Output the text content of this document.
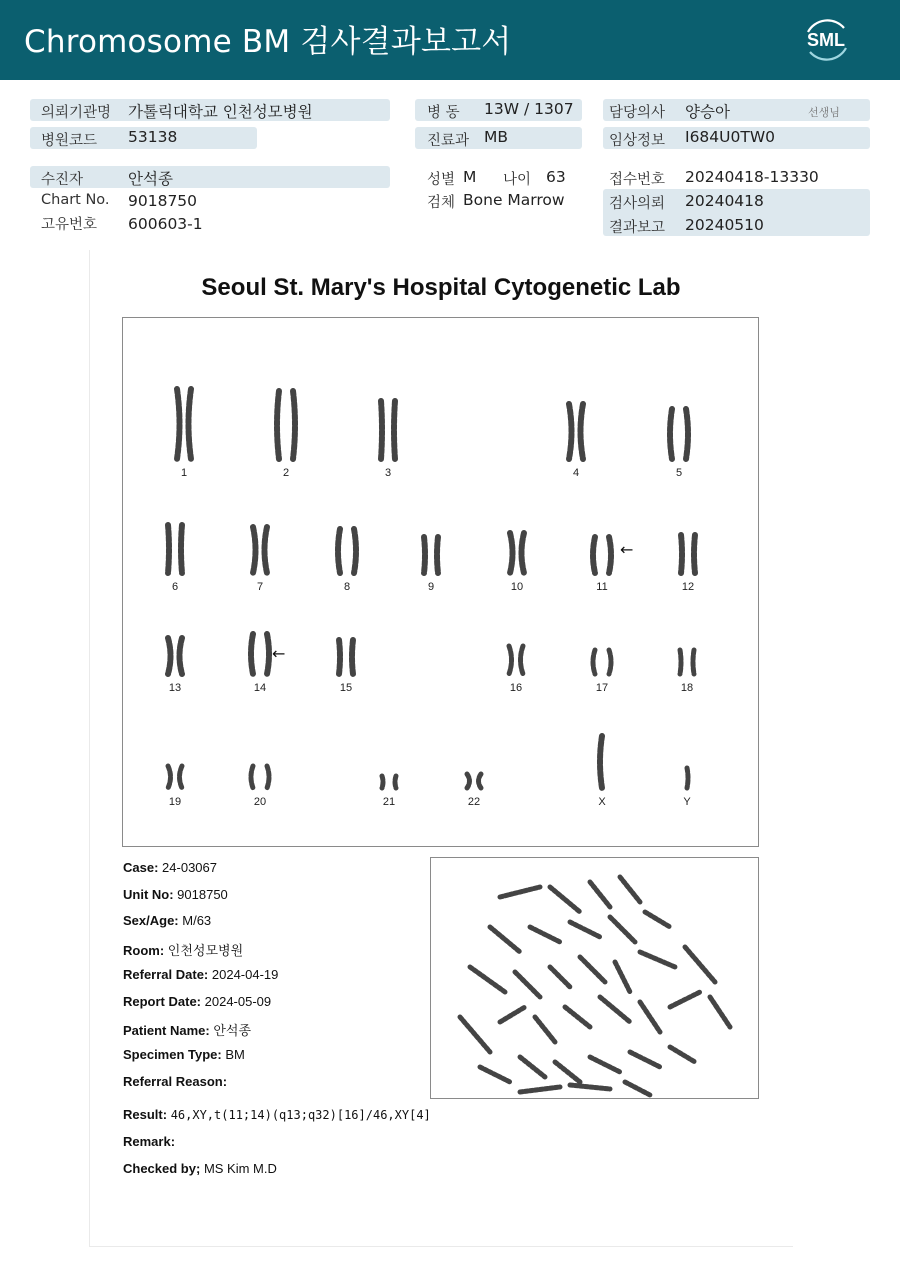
Chromosome BM 검사결과보고서	SML
의뢰기관명 가톨릭대학교 인천성모병원
병원코드 53138
수진자	안석종
Chart No. 9018750
고유번호 600603-1
병 동 13W / 1307
진료과 MB
성별 M 나이 63
검체 Bone Marrow
담당의사 양승아	선생님
임상정보 I684U0TW0
접수번호 20240418-13330
검사의뢰 20240418
결과보고 20240510
Seoul St. Mary's Hospital Cytogenetic Lab
1	2	3	4	5
6	7	8	9	10	11	12
13	14	15	16	17	18
19	20	21	22	X	Y
←
←
Case: 24-03067
Unit No: 9018750
Sex/Age: M/63
Room: 인천성모병원
Referral Date: 2024-04-19
Report Date: 2024-05-09
Patient Name: 안석종
Specimen Type: BM
Referral Reason:
Result: 46,XY,t(11;14)(q13;q32)[16]/46,XY[4]
Remark:
Checked by; MS Kim M.D
